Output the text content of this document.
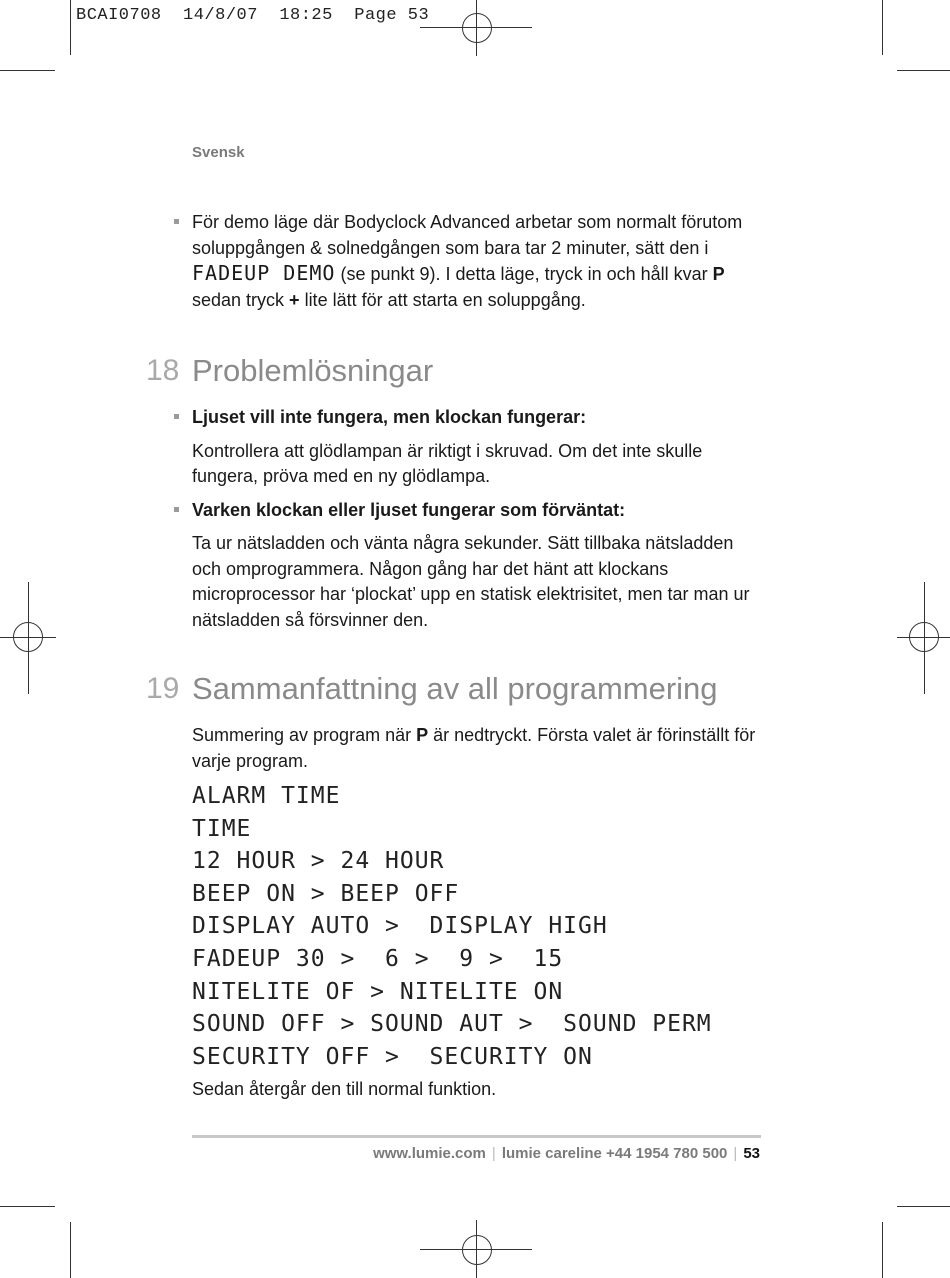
BCAI0708  14/8/07  18:25  Page 53
Svensk

För demo läge där Bodyclock Advanced arbetar som normalt förutom soluppgången & solnedgången som bara tar 2 minuter, sätt den i FADEUP DEMO (se punkt 9). I detta läge, tryck in och håll kvar P sedan tryck + lite lätt för att starta en soluppgång.

18 Problemlösningar

Ljuset vill inte fungera, men klockan fungerar:

Kontrollera att glödlampan är riktigt i skruvad. Om det inte skulle fungera, pröva med en ny glödlampa.

Varken klockan eller ljuset fungerar som förväntat:

Ta ur nätsladden och vänta några sekunder. Sätt tillbaka nätsladden och omprogrammera. Någon gång har det hänt att klockans microprocessor har ‘plockat’ upp en statisk elektrisitet, men tar man ur nätsladden så försvinner den.

19 Sammanfattning av all programmering

Summering av program när P är nedtryckt. Första valet är förinställt för varje program.

ALARM TIME

TIME

12 HOUR > 24 HOUR

BEEP ON > BEEP OFF

DISPLAY AUTO >  DISPLAY HIGH

FADEUP 30 >  6 >  9 >  15

NITELITE OF > NITELITE ON

SOUND OFF > SOUND AUT >  SOUND PERM

SECURITY OFF >  SECURITY ON

Sedan återgår den till normal funktion.

www.lumie.com | lumie careline +44 1954 780 500 | 53
